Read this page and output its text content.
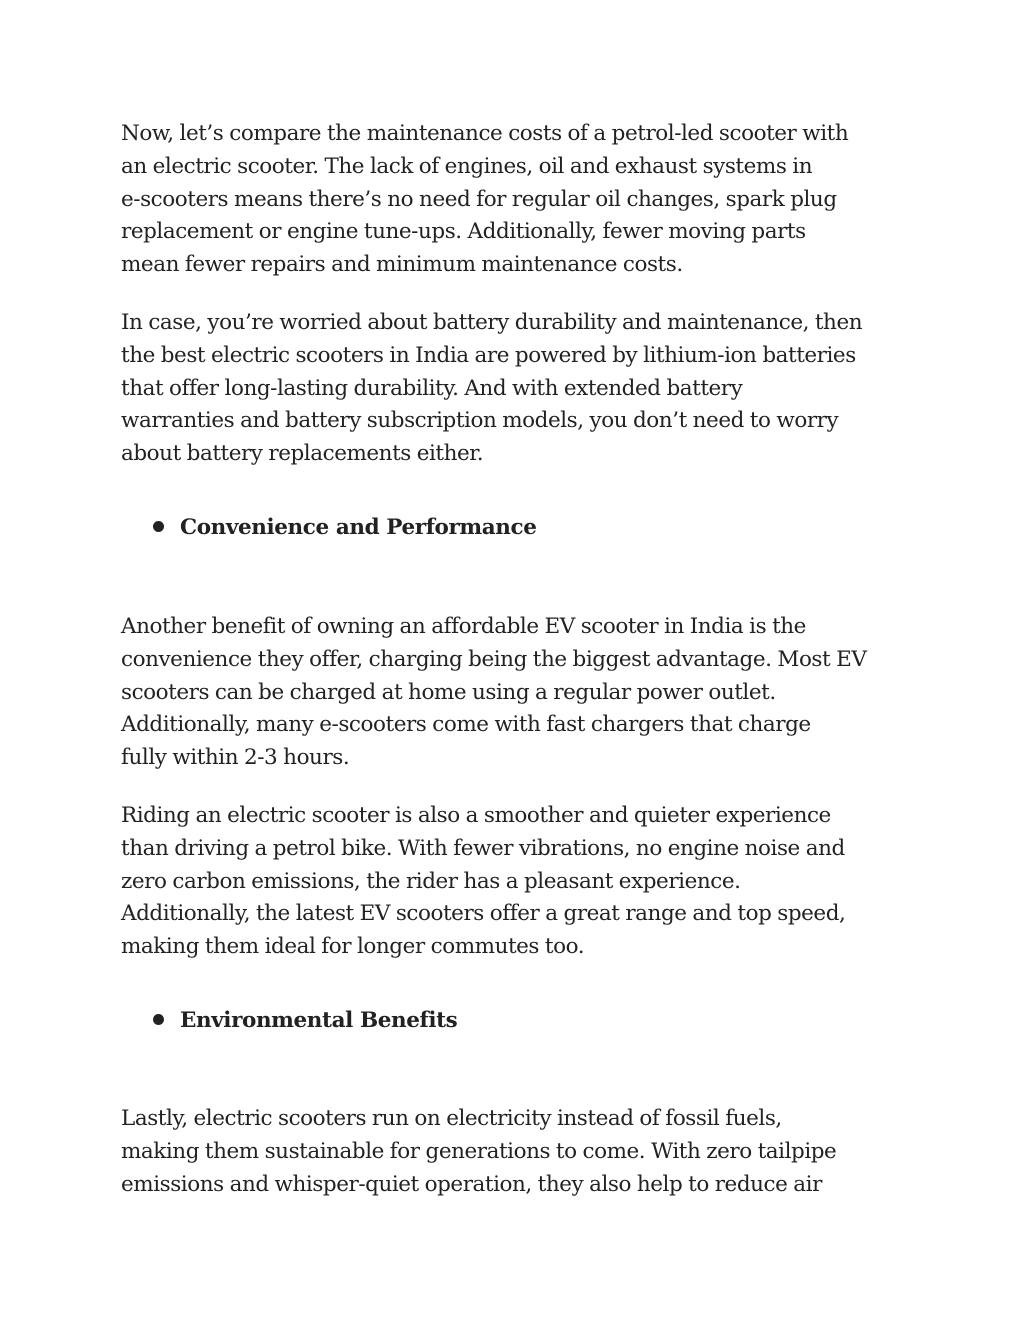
Now, let’s compare the maintenance costs of a petrol-led scooter with
an electric scooter. The lack of engines, oil and exhaust systems in
e-scooters means there’s no need for regular oil changes, spark plug
replacement or engine tune-ups. Additionally, fewer moving parts
mean fewer repairs and minimum maintenance costs.

In case, you’re worried about battery durability and maintenance, then
the best electric scooters in India are powered by lithium-ion batteries
that offer long-lasting durability. And with extended battery
warranties and battery subscription models, you don’t need to worry
about battery replacements either.

Convenience and Performance

Another benefit of owning an affordable EV scooter in India is the
convenience they offer, charging being the biggest advantage. Most EV
scooters can be charged at home using a regular power outlet.
Additionally, many e-scooters come with fast chargers that charge
fully within 2-3 hours.

Riding an electric scooter is also a smoother and quieter experience
than driving a petrol bike. With fewer vibrations, no engine noise and
zero carbon emissions, the rider has a pleasant experience.
Additionally, the latest EV scooters offer a great range and top speed,
making them ideal for longer commutes too.

Environmental Benefits

Lastly, electric scooters run on electricity instead of fossil fuels,
making them sustainable for generations to come. With zero tailpipe
emissions and whisper-quiet operation, they also help to reduce air
